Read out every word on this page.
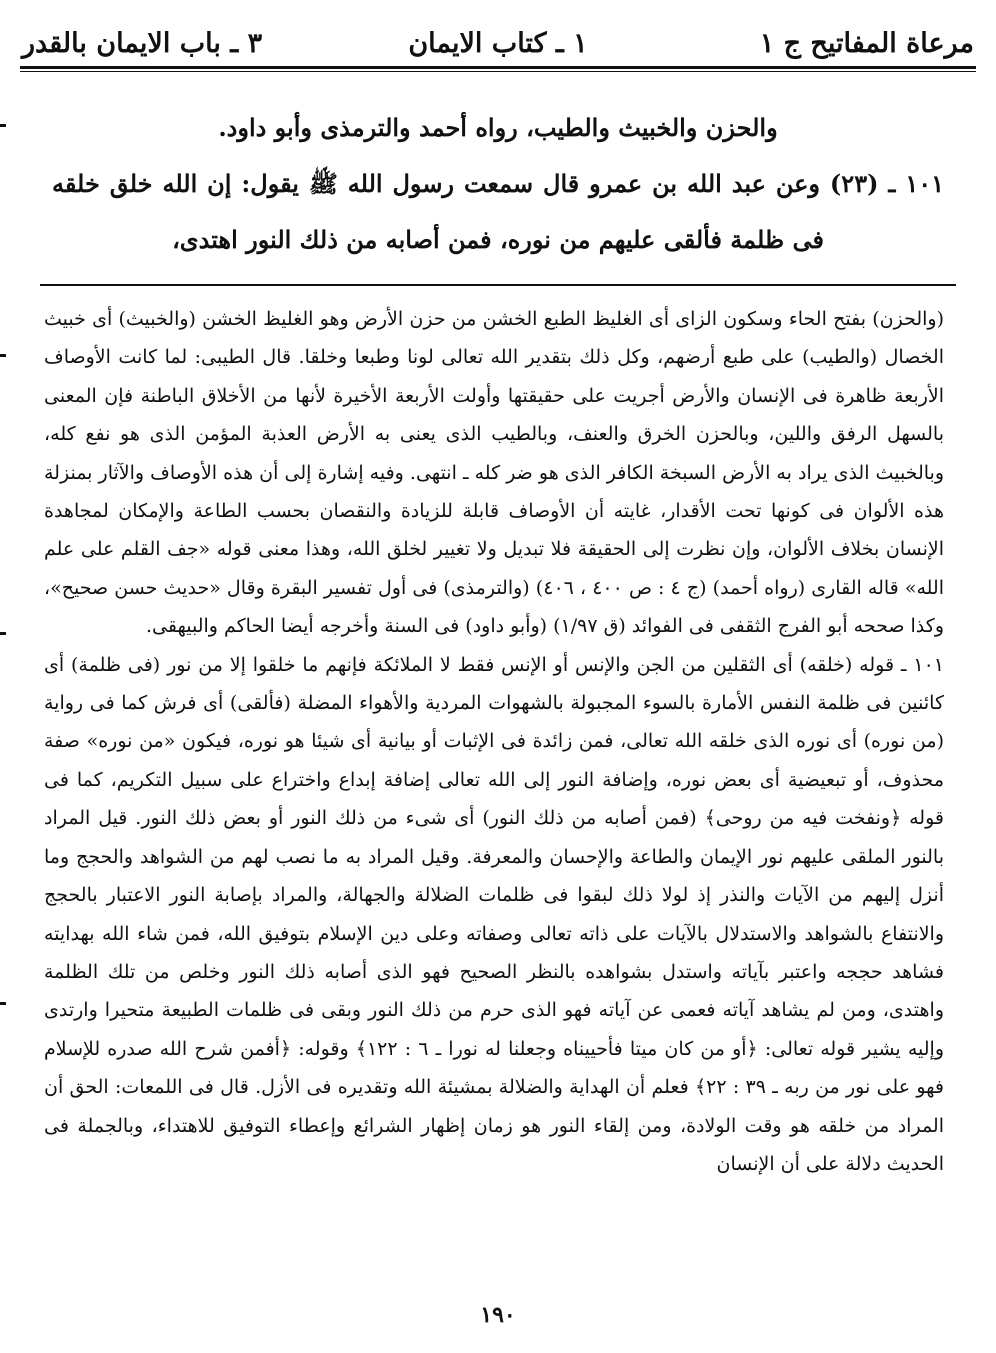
مرعاة المفاتيح ج ١
١ ـ كتاب الايمان
٣ ـ باب الايمان بالقدر

والحزن والخبيث والطيب، رواه أحمد والترمذى وأبو داود.

١٠١ ـ (٢٣) وعن عبد الله بن عمرو قال سمعت رسول الله ﷺ يقول: إن الله خلق خلقه فى ظلمة فألقى عليهم من نوره، فمن أصابه من ذلك النور اهتدى،

(والحزن) بفتح الحاء وسكون الزاى أى الغليظ الطبع الخشن من حزن الأرض وهو الغليظ الخشن (والخبيث) أى خبيث الخصال (والطيب) على طبع أرضهم، وكل ذلك بتقدير الله تعالى لونا وطبعا وخلقا. قال الطيبى: لما كانت الأوصاف الأربعة ظاهرة فى الإنسان والأرض أجريت على حقيقتها وأولت الأربعة الأخيرة لأنها من الأخلاق الباطنة فإن المعنى بالسهل الرفق واللين، وبالحزن الخرق والعنف، وبالطيب الذى يعنى به الأرض العذبة المؤمن الذى هو نفع كله، وبالخبيث الذى يراد به الأرض السبخة الكافر الذى هو ضر كله ـ انتهى. وفيه إشارة إلى أن هذه الأوصاف والآثار بمنزلة هذه الألوان فى كونها تحت الأقدار، غايته أن الأوصاف قابلة للزيادة والنقصان بحسب الطاعة والإمكان لمجاهدة الإنسان بخلاف الألوان، وإن نظرت إلى الحقيقة فلا تبديل ولا تغيير لخلق الله، وهذا معنى قوله «جف القلم على علم الله» قاله القارى (رواه أحمد) (ج ٤ : ص ٤٠٠ ، ٤٠٦) (والترمذى) فى أول تفسير البقرة وقال «حديث حسن صحيح»، وكذا صححه أبو الفرج الثقفى فى الفوائد (ق ١/٩٧) (وأبو داود) فى السنة وأخرجه أيضا الحاكم والبيهقى.

١٠١ ـ قوله (خلقه) أى الثقلين من الجن والإنس أو الإنس فقط لا الملائكة فإنهم ما خلقوا إلا من نور (فى ظلمة) أى كائنين فى ظلمة النفس الأمارة بالسوء المجبولة بالشهوات المردية والأهواء المضلة (فألقى) أى فرش كما فى رواية (من نوره) أى نوره الذى خلقه الله تعالى، فمن زائدة فى الإثبات أو بيانية أى شيئا هو نوره، فيكون «من نوره» صفة محذوف، أو تبعيضية أى بعض نوره، وإضافة النور إلى الله تعالى إضافة إبداع واختراع على سبيل التكريم، كما فى قوله ﴿ونفخت فيه من روحى﴾ (فمن أصابه من ذلك النور) أى شىء من ذلك النور أو بعض ذلك النور. قيل المراد بالنور الملقى عليهم نور الإيمان والطاعة والإحسان والمعرفة. وقيل المراد به ما نصب لهم من الشواهد والحجج وما أنزل إليهم من الآيات والنذر إذ لولا ذلك لبقوا فى ظلمات الضلالة والجهالة، والمراد بإصابة النور الاعتبار بالحجج والانتفاع بالشواهد والاستدلال بالآيات على ذاته تعالى وصفاته وعلى دين الإسلام بتوفيق الله، فمن شاء الله بهدايته فشاهد حججه واعتبر بآياته واستدل بشواهده بالنظر الصحيح فهو الذى أصابه ذلك النور وخلص من تلك الظلمة واهتدى، ومن لم يشاهد آياته فعمى عن آياته فهو الذى حرم من ذلك النور وبقى فى ظلمات الطبيعة متحيرا وارتدى وإليه يشير قوله تعالى: ﴿أو من كان ميتا فأحييناه وجعلنا له نورا ـ ٦ : ١٢٢﴾ وقوله: ﴿أفمن شرح الله صدره للإسلام فهو على نور من ربه ـ ٣٩ : ٢٢﴾ فعلم أن الهداية والضلالة بمشيئة الله وتقديره فى الأزل. قال فى اللمعات: الحق أن المراد من خلقه هو وقت الولادة، ومن إلقاء النور هو زمان إظهار الشرائع وإعطاء التوفيق للاهتداء، وبالجملة فى الحديث دلالة على أن الإنسان

١٩٠
